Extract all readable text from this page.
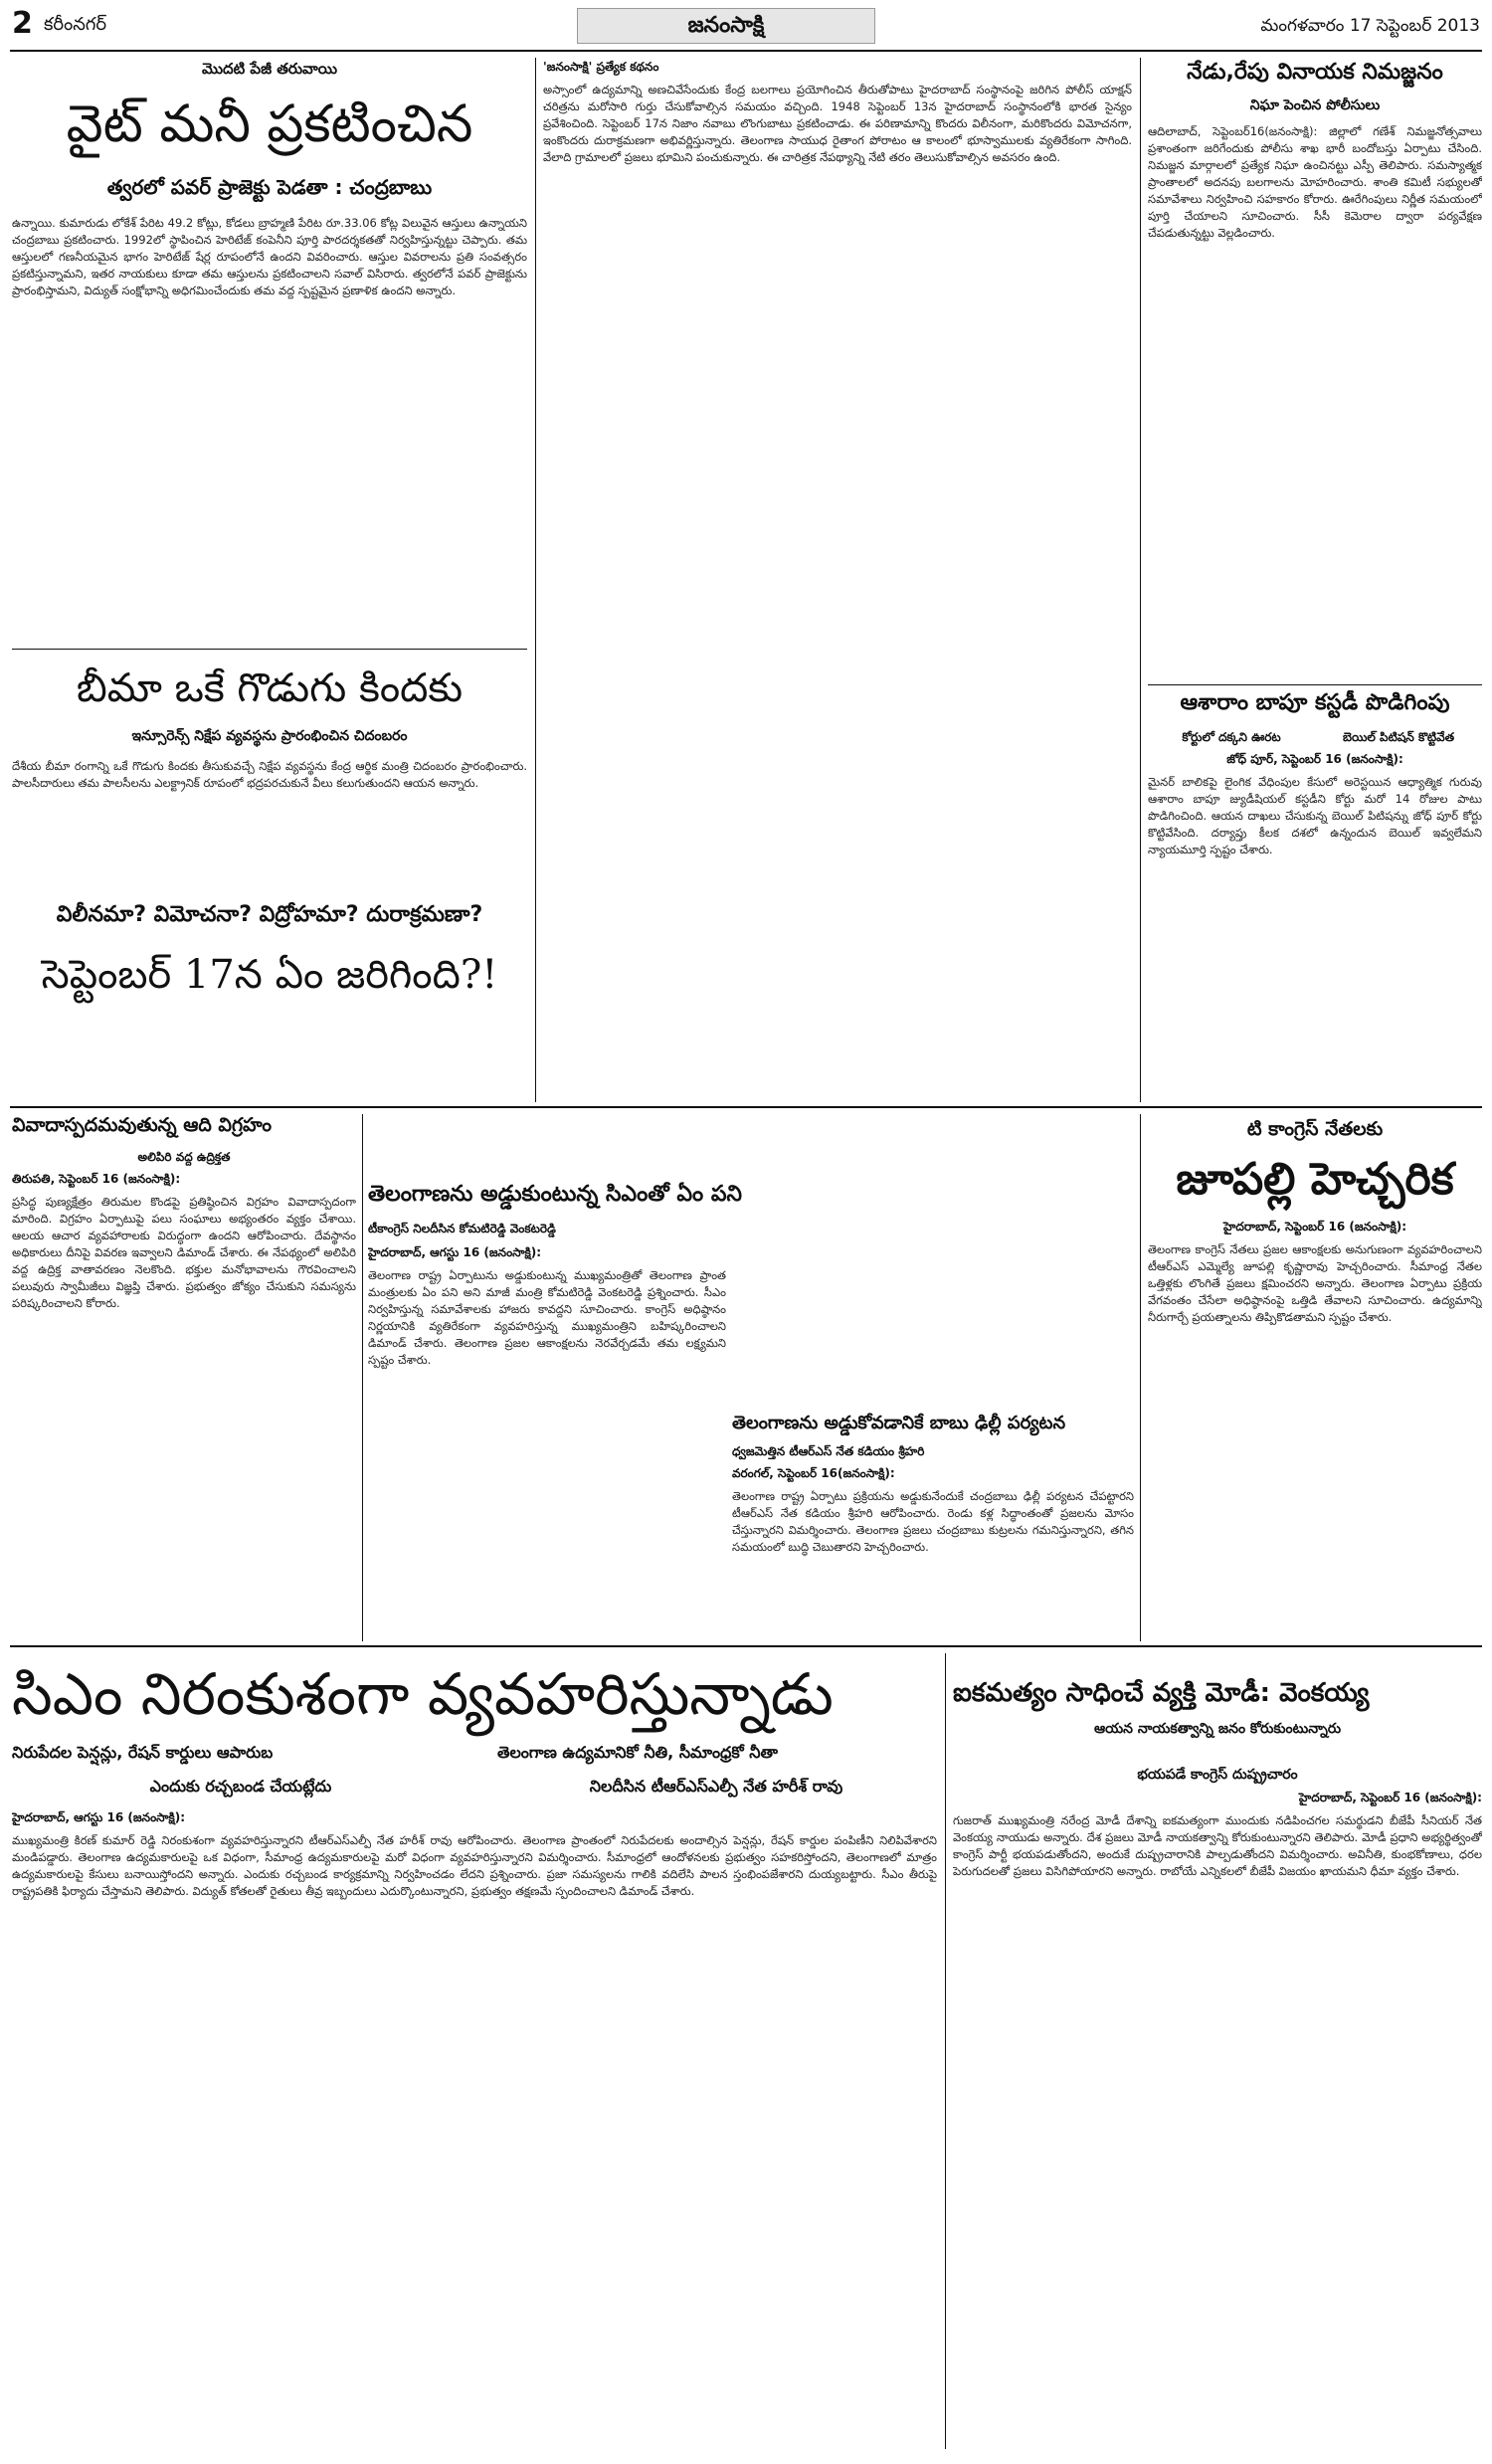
2 కరీంనగర్	జనంసాక్షి	మంగళవారం 17 సెప్టెంబర్ 2013
మొదటి పేజీ తరువాయి
వైట్ మనీ ప్రకటించిన
త్వరలో పవర్ ప్రాజెక్టు పెడతా : చంద్రబాబు

ఉన్నాయి. కుమారుడు లోకేశ్ పేరిట 49.2 కోట్లు, కోడలు బ్రాహ్మణి పేరిట రూ.33.06 కోట్ల విలువైన ఆస్తులు ఉన్నాయని చంద్రబాబు ప్రకటించారు. 1992లో స్థాపించిన హెరిటేజ్ కంపెనీని పూర్తి పారదర్శకతతో నిర్వహిస్తున్నట్టు చెప్పారు. తమ ఆస్తులలో గణనీయమైన భాగం హెరిటేజ్ షేర్ల రూపంలోనే ఉందని వివరించారు. ఆస్తుల వివరాలను ప్రతి సంవత్సరం ప్రకటిస్తున్నామని, ఇతర నాయకులు కూడా తమ ఆస్తులను ప్రకటించాలని సవాల్ విసిరారు. త్వరలోనే పవర్ ప్రాజెక్టును ప్రారంభిస్తామని, విద్యుత్ సంక్షోభాన్ని అధిగమించేందుకు తమ వద్ద స్పష్టమైన ప్రణాళిక ఉందని అన్నారు.

బీమా ఒకే గొడుగు కిందకు
ఇన్సూరెన్స్ నిక్షేప వ్యవస్థను ప్రారంభించిన చిదంబరం

దేశీయ బీమా రంగాన్ని ఒకే గొడుగు కిందకు తీసుకువచ్చే నిక్షేప వ్యవస్థను కేంద్ర ఆర్థిక మంత్రి చిదంబరం ప్రారంభించారు. పాలసీదారులు తమ పాలసీలను ఎలక్ట్రానిక్ రూపంలో భద్రపరచుకునే వీలు కలుగుతుందని ఆయన అన్నారు.

విలీనమా? విమోచనా? విద్రోహమా? దురాక్రమణా?
సెప్టెంబర్ 17న ఏం జరిగింది?!
'జనంసాక్షి' ప్రత్యేక కథనం

అస్సాంలో ఉద్యమాన్ని అణచివేసేందుకు కేంద్ర బలగాలు ప్రయోగించిన తీరుతోపాటు హైదరాబాద్ సంస్థానంపై జరిగిన పోలీస్ యాక్షన్ చరిత్రను మరోసారి గుర్తు చేసుకోవాల్సిన సమయం వచ్చింది. 1948 సెప్టెంబర్ 13న హైదరాబాద్ సంస్థానంలోకి భారత సైన్యం ప్రవేశించింది. సెప్టెంబర్ 17న నిజాం నవాబు లొంగుబాటు ప్రకటించాడు. ఈ పరిణామాన్ని కొందరు విలీనంగా, మరికొందరు విమోచనగా, ఇంకొందరు దురాక్రమణగా అభివర్ణిస్తున్నారు. తెలంగాణ సాయుధ రైతాంగ పోరాటం ఆ కాలంలో భూస్వాములకు వ్యతిరేకంగా సాగింది. వేలాది గ్రామాలలో ప్రజలు భూమిని పంచుకున్నారు. ఈ చారిత్రక నేపథ్యాన్ని నేటి తరం తెలుసుకోవాల్సిన అవసరం ఉంది.

నేడు,రేపు వినాయక నిమజ్జనం
నిఘా పెంచిన పోలీసులు

ఆదిలాబాద్, సెప్టెంబర్16(జనంసాక్షి): జిల్లాలో గణేశ్ నిమజ్జనోత్సవాలు ప్రశాంతంగా జరిగేందుకు పోలీసు శాఖ భారీ బందోబస్తు ఏర్పాటు చేసింది. నిమజ్జన మార్గాలలో ప్రత్యేక నిఘా ఉంచినట్టు ఎస్పీ తెలిపారు. సమస్యాత్మక ప్రాంతాలలో అదనపు బలగాలను మోహరించారు. శాంతి కమిటీ సభ్యులతో సమావేశాలు నిర్వహించి సహకారం కోరారు. ఊరేగింపులు నిర్ణీత సమయంలో పూర్తి చేయాలని సూచించారు. సీసీ కెమెరాల ద్వారా పర్యవేక్షణ చేపడుతున్నట్టు వెల్లడించారు.

ఆశారాం బాపూ కస్టడీ పొడిగింపు
కోర్టులో దక్కని ఊరట	బెయిల్ పిటిషన్ కొట్టివేత
జోధ్ పూర్, సెప్టెంబర్ 16 (జనంసాక్షి):

మైనర్ బాలికపై లైంగిక వేధింపుల కేసులో అరెస్టయిన ఆధ్యాత్మిక గురువు ఆశారాం బాపూ జ్యుడీషియల్ కస్టడీని కోర్టు మరో 14 రోజుల పాటు పొడిగించింది. ఆయన దాఖలు చేసుకున్న బెయిల్ పిటిషన్ను జోధ్ పూర్ కోర్టు కొట్టివేసింది. దర్యాప్తు కీలక దశలో ఉన్నందున బెయిల్ ఇవ్వలేమని న్యాయమూర్తి స్పష్టం చేశారు.

వివాదాస్పదమవుతున్న ఆది విగ్రహం
అలిపిరి వద్ద ఉద్రిక్తత
తిరుపతి, సెప్టెంబర్ 16 (జనంసాక్షి):

ప్రసిద్ధ పుణ్యక్షేత్రం తిరుమల కొండపై ప్రతిష్ఠించిన విగ్రహం వివాదాస్పదంగా మారింది. విగ్రహం ఏర్పాటుపై పలు సంఘాలు అభ్యంతరం వ్యక్తం చేశాయి. ఆలయ ఆచార వ్యవహారాలకు విరుద్ధంగా ఉందని ఆరోపించారు. దేవస్థానం అధికారులు దీనిపై వివరణ ఇవ్వాలని డిమాండ్ చేశారు. ఈ నేపథ్యంలో అలిపిరి వద్ద ఉద్రిక్త వాతావరణం నెలకొంది. భక్తుల మనోభావాలను గౌరవించాలని పలువురు స్వామీజీలు విజ్ఞప్తి చేశారు. ప్రభుత్వం జోక్యం చేసుకుని సమస్యను పరిష్కరించాలని కోరారు.

తెలంగాణను అడ్డుకుంటున్న సిఎంతో ఏం పని
టీకాంగ్రెస్ నిలదీసిన కోమటిరెడ్డి వెంకటరెడ్డి
హైదరాబాద్, ఆగస్టు 16 (జనంసాక్షి):

తెలంగాణ రాష్ట్ర ఏర్పాటును అడ్డుకుంటున్న ముఖ్యమంత్రితో తెలంగాణ ప్రాంత మంత్రులకు ఏం పని అని మాజీ మంత్రి కోమటిరెడ్డి వెంకటరెడ్డి ప్రశ్నించారు. సీఎం నిర్వహిస్తున్న సమావేశాలకు హాజరు కావద్దని సూచించారు. కాంగ్రెస్ అధిష్ఠానం నిర్ణయానికి వ్యతిరేకంగా వ్యవహరిస్తున్న ముఖ్యమంత్రిని బహిష్కరించాలని డిమాండ్ చేశారు. తెలంగాణ ప్రజల ఆకాంక్షలను నెరవేర్చడమే తమ లక్ష్యమని స్పష్టం చేశారు.

తెలంగాణను అడ్డుకోవడానికే బాబు ఢిల్లీ పర్యటన
ధ్వజమెత్తిన టీఆర్ఎస్ నేత కడియం శ్రీహరి
వరంగల్, సెప్టెంబర్ 16(జనంసాక్షి):

తెలంగాణ రాష్ట్ర ఏర్పాటు ప్రక్రియను అడ్డుకునేందుకే చంద్రబాబు ఢిల్లీ పర్యటన చేపట్టారని టీఆర్ఎస్ నేత కడియం శ్రీహరి ఆరోపించారు. రెండు కళ్ల సిద్ధాంతంతో ప్రజలను మోసం చేస్తున్నారని విమర్శించారు. తెలంగాణ ప్రజలు చంద్రబాబు కుట్రలను గమనిస్తున్నారని, తగిన సమయంలో బుద్ధి చెబుతారని హెచ్చరించారు.

టి కాంగ్రెస్ నేతలకు
జూపల్లి హెచ్చరిక
హైదరాబాద్, సెప్టెంబర్ 16 (జనంసాక్షి):

తెలంగాణ కాంగ్రెస్ నేతలు ప్రజల ఆకాంక్షలకు అనుగుణంగా వ్యవహరించాలని టీఆర్ఎస్ ఎమ్మెల్యే జూపల్లి కృష్ణారావు హెచ్చరించారు. సీమాంధ్ర నేతల ఒత్తిళ్లకు లొంగితే ప్రజలు క్షమించరని అన్నారు. తెలంగాణ ఏర్పాటు ప్రక్రియ వేగవంతం చేసేలా అధిష్ఠానంపై ఒత్తిడి తేవాలని సూచించారు. ఉద్యమాన్ని నీరుగార్చే ప్రయత్నాలను తిప్పికొడతామని స్పష్టం చేశారు.

సిఎం నిరంకుశంగా వ్యవహరిస్తున్నాడు
నిరుపేదల పెన్షన్లు, రేషన్ కార్డులు ఆపారుబ	తెలంగాణ ఉద్యమానికో నీతి, సీమాంధ్రకో నీతా
ఎందుకు రచ్చబండ చేయట్లేదు	నిలదీసిన టీఆర్ఎస్ఎల్పీ నేత హరీశ్ రావు
హైదరాబాద్, ఆగస్టు 16 (జనంసాక్షి):

ముఖ్యమంత్రి కిరణ్ కుమార్ రెడ్డి నిరంకుశంగా వ్యవహరిస్తున్నారని టీఆర్ఎస్ఎల్పీ నేత హరీశ్ రావు ఆరోపించారు. తెలంగాణ ప్రాంతంలో నిరుపేదలకు అందాల్సిన పెన్షన్లు, రేషన్ కార్డుల పంపిణీని నిలిపివేశారని మండిపడ్డారు. తెలంగాణ ఉద్యమకారులపై ఒక విధంగా, సీమాంధ్ర ఉద్యమకారులపై మరో విధంగా వ్యవహరిస్తున్నారని విమర్శించారు. సీమాంధ్రలో ఆందోళనలకు ప్రభుత్వం సహకరిస్తోందని, తెలంగాణలో మాత్రం ఉద్యమకారులపై కేసులు బనాయిస్తోందని అన్నారు. ఎందుకు రచ్చబండ కార్యక్రమాన్ని నిర్వహించడం లేదని ప్రశ్నించారు. ప్రజా సమస్యలను గాలికి వదిలేసి పాలన స్తంభింపజేశారని దుయ్యబట్టారు. సీఎం తీరుపై రాష్ట్రపతికి ఫిర్యాదు చేస్తామని తెలిపారు. విద్యుత్ కోతలతో రైతులు తీవ్ర ఇబ్బందులు ఎదుర్కొంటున్నారని, ప్రభుత్వం తక్షణమే స్పందించాలని డిమాండ్ చేశారు.

ఐకమత్యం సాధించే వ్యక్తి మోడీ: వెంకయ్య
ఆయన నాయకత్వాన్ని జనం కోరుకుంటున్నారు
భయపడే కాంగ్రెస్ దుష్ప్రచారం
హైదరాబాద్, సెప్టెంబర్ 16 (జనంసాక్షి):

గుజరాత్ ముఖ్యమంత్రి నరేంద్ర మోడీ దేశాన్ని ఐకమత్యంగా ముందుకు నడిపించగల సమర్థుడని బీజేపీ సీనియర్ నేత వెంకయ్య నాయుడు అన్నారు. దేశ ప్రజలు మోడీ నాయకత్వాన్ని కోరుకుంటున్నారని తెలిపారు. మోడీ ప్రధాని అభ్యర్థిత్వంతో కాంగ్రెస్ పార్టీ భయపడుతోందని, అందుకే దుష్ప్రచారానికి పాల్పడుతోందని విమర్శించారు. అవినీతి, కుంభకోణాలు, ధరల పెరుగుదలతో ప్రజలు విసిగిపోయారని అన్నారు. రాబోయే ఎన్నికలలో బీజేపీ విజయం ఖాయమని ధీమా వ్యక్తం చేశారు.
